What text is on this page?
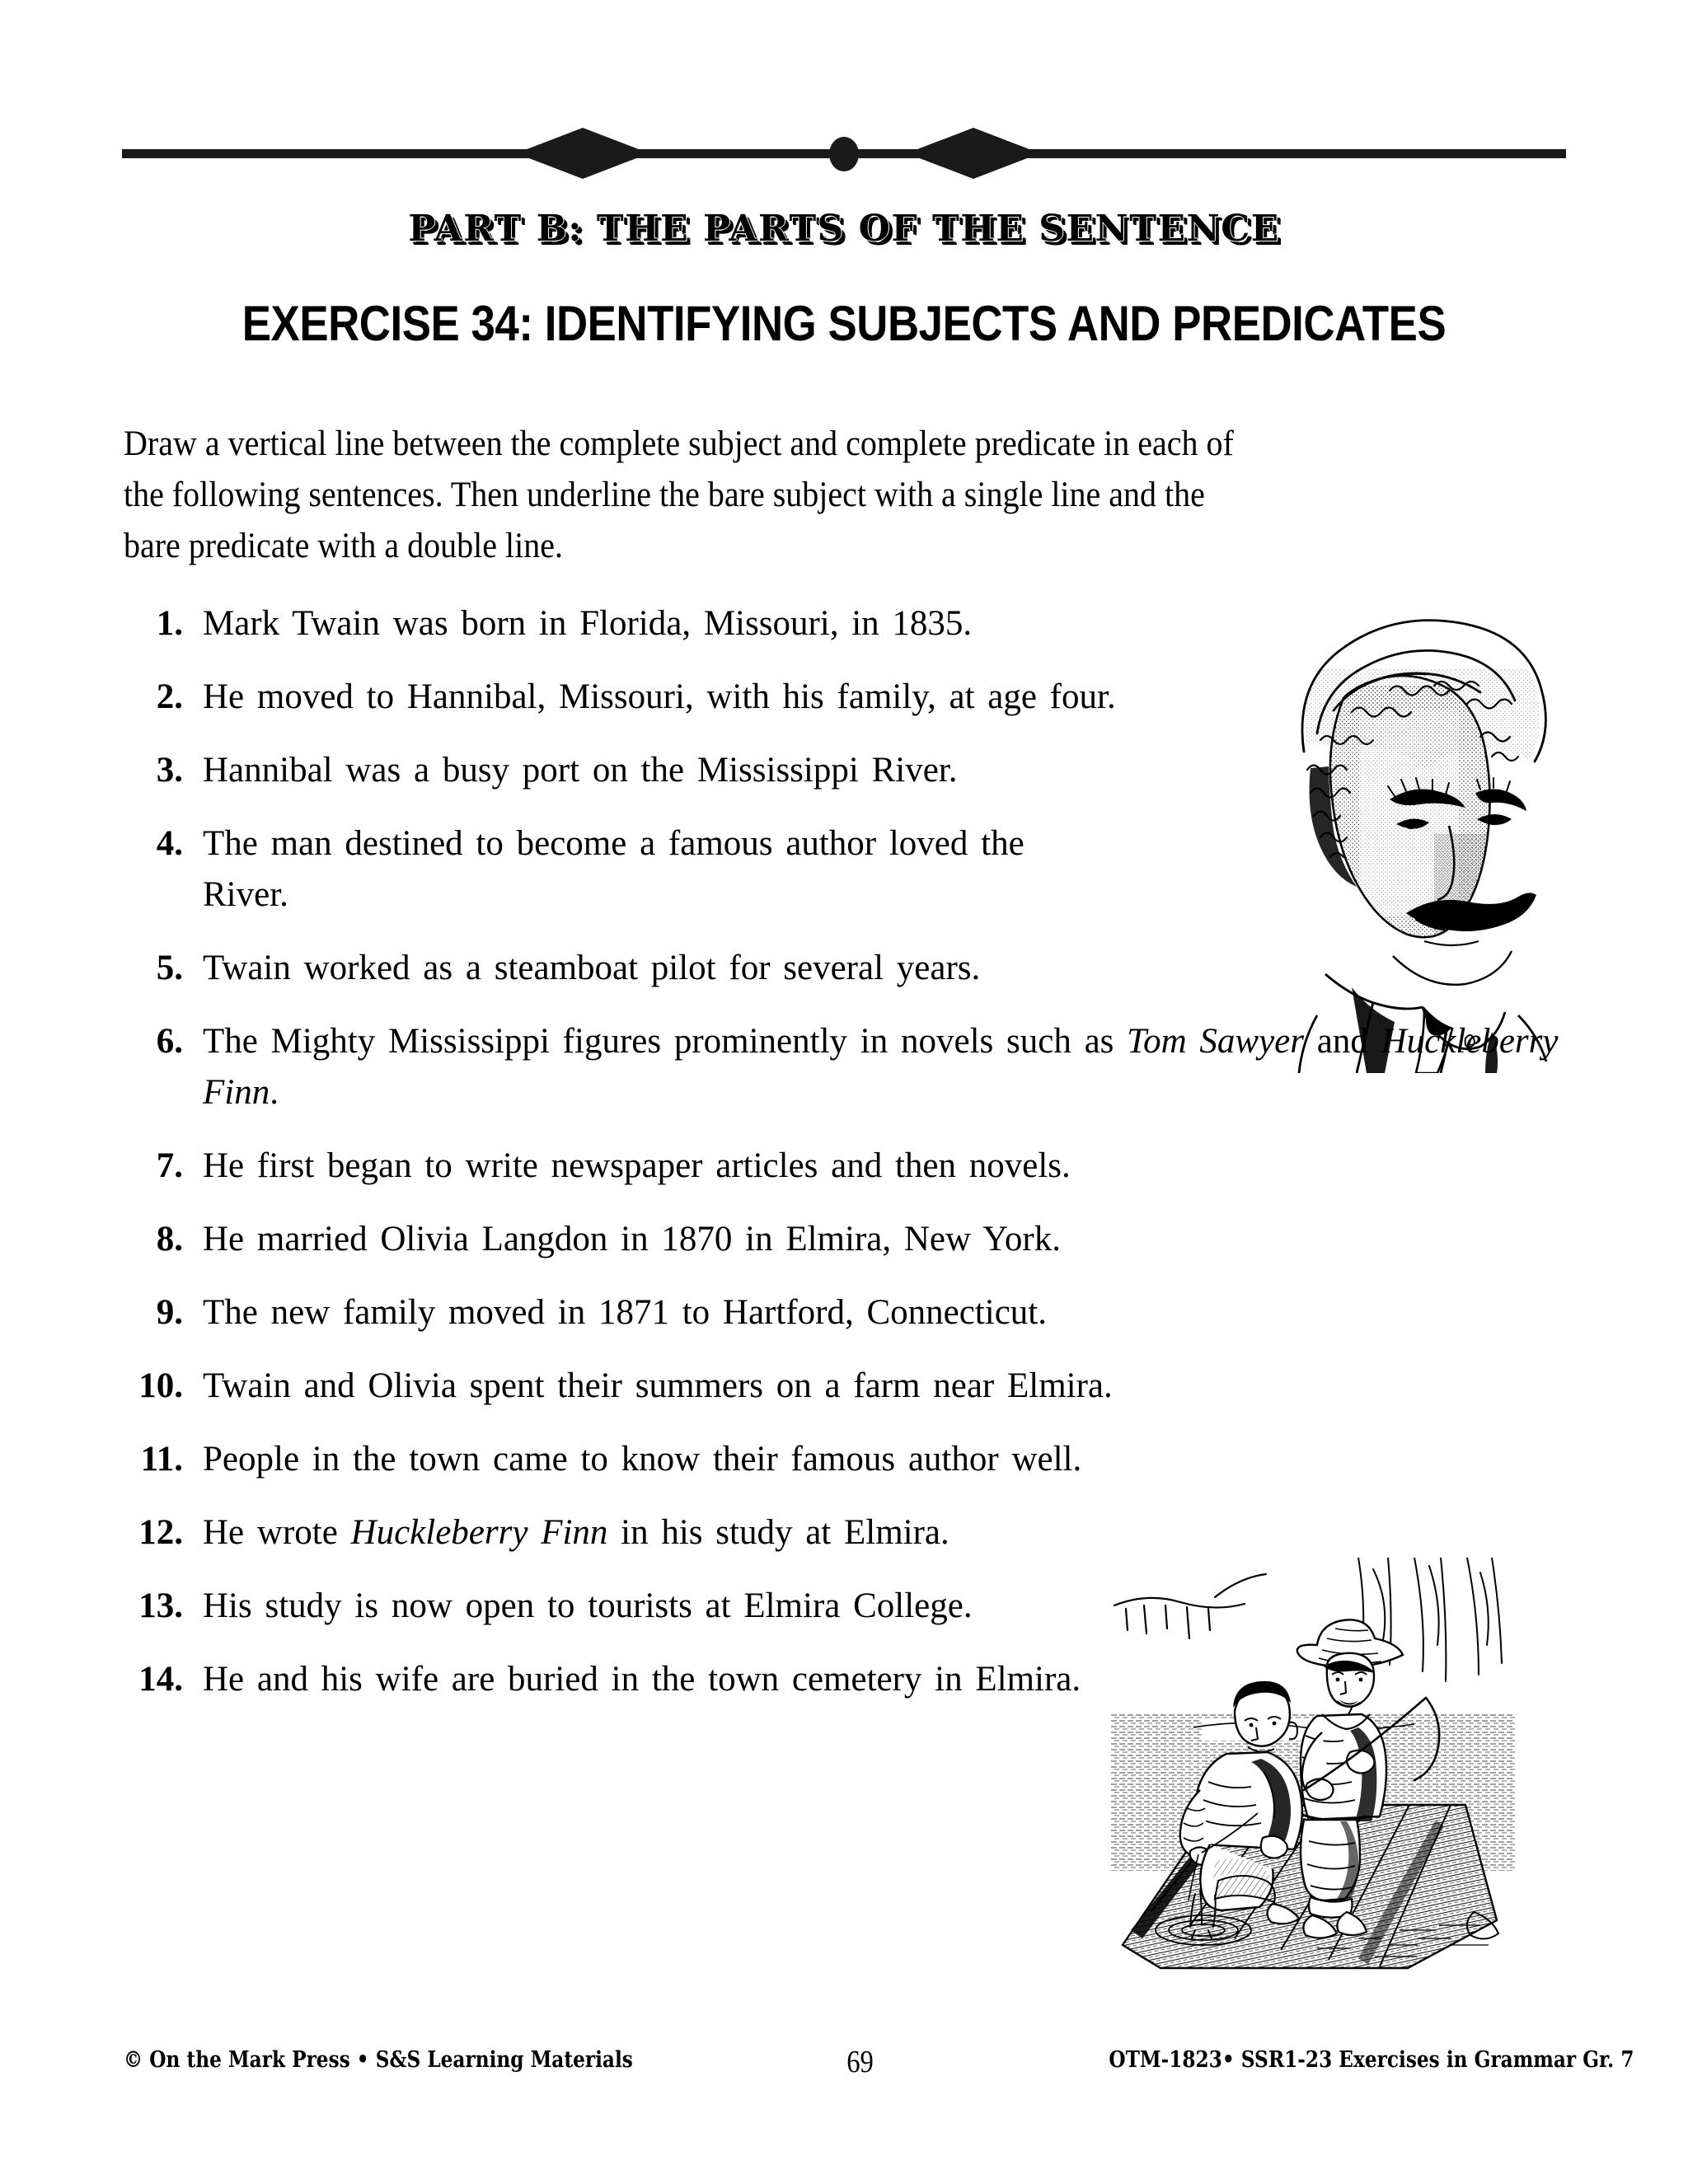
PART B: THE PARTS OF THE SENTENCE
EXERCISE 34: IDENTIFYING SUBJECTS AND PREDICATES
Draw a vertical line between the complete subject and complete predicate in each of the following sentences. Then underline the bare subject with a single line and the bare predicate with a double line.
1. Mark Twain was born in Florida, Missouri, in 1835.
2. He moved to Hannibal, Missouri, with his family, at age four.
3. Hannibal was a busy port on the Mississippi River.
4. The man destined to become a famous author loved the River.
5. Twain worked as a steamboat pilot for several years.
6. The Mighty Mississippi figures prominently in novels such as Tom Sawyer and Huckleberry Finn.
7. He first began to write newspaper articles and then novels.
8. He married Olivia Langdon in 1870 in Elmira, New York.
9. The new family moved in 1871 to Hartford, Connecticut.
10. Twain and Olivia spent their summers on a farm near Elmira.
11. People in the town came to know their famous author well.
12. He wrote Huckleberry Finn in his study at Elmira.
13. His study is now open to tourists at Elmira College.
14. He and his wife are buried in the town cemetery in Elmira.
© On the Mark Press • S&S Learning Materials	69	OTM-1823• SSR1-23 Exercises in Grammar Gr. 7
